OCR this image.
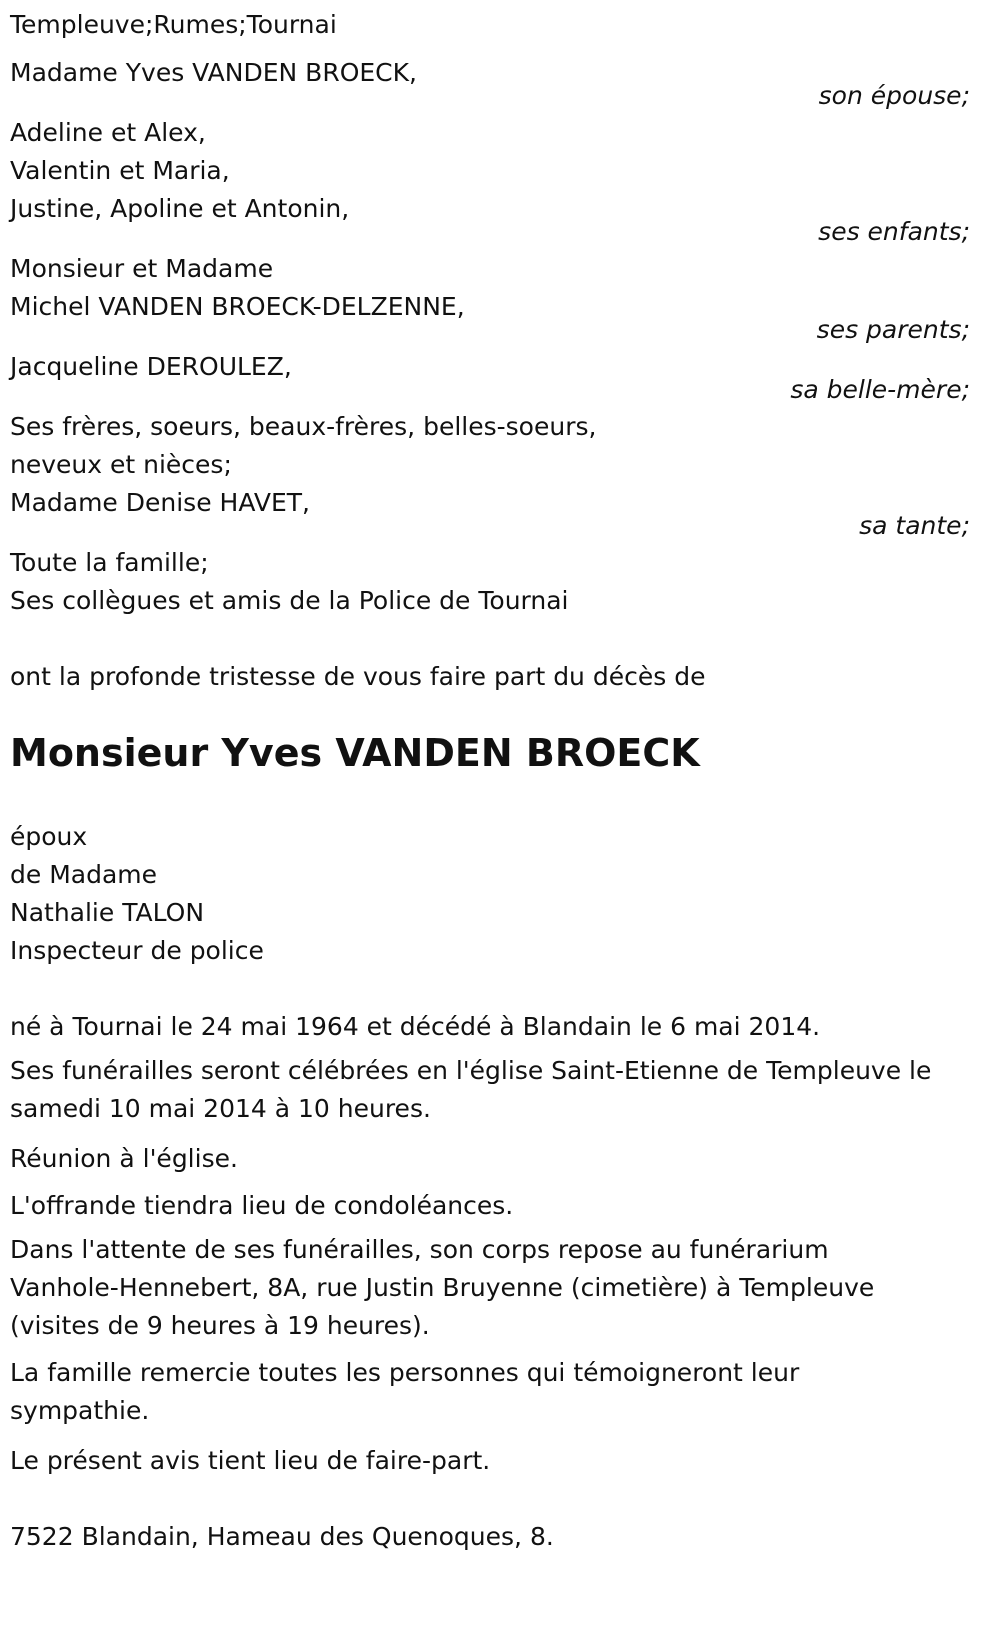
Templeuve;Rumes;Tournai
Madame Yves VANDEN BROECK,
son épouse;
Adeline et Alex,
Valentin et Maria,
Justine, Apoline et Antonin,
ses enfants;
Monsieur et Madame
Michel VANDEN BROECK-DELZENNE,
ses parents;
Jacqueline DEROULEZ,
sa belle-mère;
Ses frères, soeurs, beaux-frères, belles-soeurs,
neveux et nièces;
Madame Denise HAVET,
sa tante;
Toute la famille;
Ses collègues et amis de la Police de Tournai
ont la profonde tristesse de vous faire part du décès de
Monsieur Yves VANDEN BROECK
époux
de Madame
Nathalie TALON
Inspecteur de police
né à Tournai le 24 mai 1964 et décédé à Blandain le 6 mai 2014.
Ses funérailles seront célébrées en l'église Saint-Etienne de Templeuve le samedi 10 mai 2014 à 10 heures.
Réunion à l'église.
L'offrande tiendra lieu de condoléances.
Dans l'attente de ses funérailles, son corps repose au funérarium Vanhole-Hennebert, 8A, rue Justin Bruyenne (cimetière) à Templeuve (visites de 9 heures à 19 heures).
La famille remercie toutes les personnes qui témoigneront leur sympathie.
Le présent avis tient lieu de faire-part.
7522 Blandain, Hameau des Quenoques, 8.
